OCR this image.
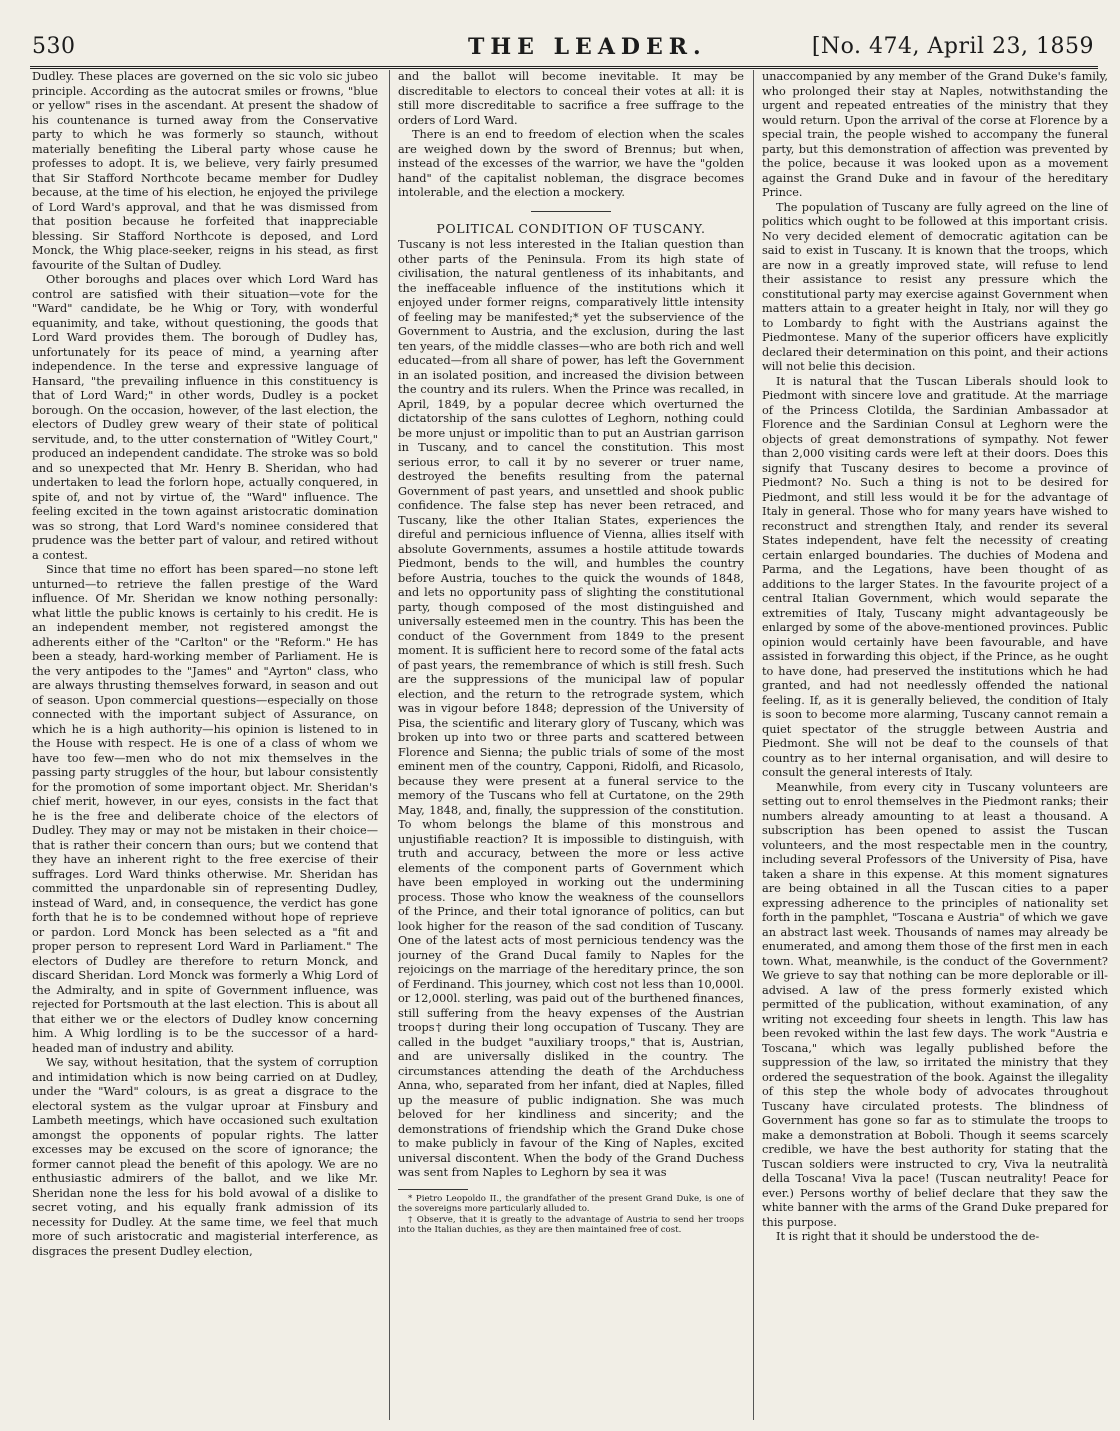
530	THE LEADER.	[No. 474, April 23, 1859

Dudley. These places are governed on the sic volo sic jubeo principle. According as the autocrat smiles or frowns, "blue or yellow" rises in the ascendant. At present the shadow of his countenance is turned away from the Conservative party to which he was formerly so staunch, without materially benefiting the Liberal party whose cause he professes to adopt. It is, we believe, very fairly presumed that Sir Stafford Northcote became member for Dudley because, at the time of his election, he enjoyed the privilege of Lord Ward's approval, and that he was dismissed from that position because he forfeited that inappreciable blessing. Sir Stafford Northcote is deposed, and Lord Monck, the Whig place-seeker, reigns in his stead, as first favourite of the Sultan of Dudley.

Other boroughs and places over which Lord Ward has control are satisfied with their situation—vote for the "Ward" candidate, be he Whig or Tory, with wonderful equanimity, and take, without questioning, the goods that Lord Ward provides them. The borough of Dudley has, unfortunately for its peace of mind, a yearning after independence. In the terse and expressive language of Hansard, "the prevailing influence in this constituency is that of Lord Ward;" in other words, Dudley is a pocket borough. On the occasion, however, of the last election, the electors of Dudley grew weary of their state of political servitude, and, to the utter consternation of "Witley Court," produced an independent candidate. The stroke was so bold and so unexpected that Mr. Henry B. Sheridan, who had undertaken to lead the forlorn hope, actually conquered, in spite of, and not by virtue of, the "Ward" influence. The feeling excited in the town against aristocratic domination was so strong, that Lord Ward's nominee considered that prudence was the better part of valour, and retired without a contest.

Since that time no effort has been spared—no stone left unturned—to retrieve the fallen prestige of the Ward influence. Of Mr. Sheridan we know nothing personally: what little the public knows is certainly to his credit. He is an independent member, not registered amongst the adherents either of the "Carlton" or the "Reform." He has been a steady, hard-working member of Parliament. He is the very antipodes to the "James" and "Ayrton" class, who are always thrusting themselves forward, in season and out of season. Upon commercial questions—especially on those connected with the important subject of Assurance, on which he is a high authority—his opinion is listened to in the House with respect. He is one of a class of whom we have too few—men who do not mix themselves in the passing party struggles of the hour, but labour consistently for the promotion of some important object. Mr. Sheridan's chief merit, however, in our eyes, consists in the fact that he is the free and deliberate choice of the electors of Dudley. They may or may not be mistaken in their choice—that is rather their concern than ours; but we contend that they have an inherent right to the free exercise of their suffrages. Lord Ward thinks otherwise. Mr. Sheridan has committed the unpardonable sin of representing Dudley, instead of Ward, and, in consequence, the verdict has gone forth that he is to be condemned without hope of reprieve or pardon. Lord Monck has been selected as a "fit and proper person to represent Lord Ward in Parliament." The electors of Dudley are therefore to return Monck, and discard Sheridan. Lord Monck was formerly a Whig Lord of the Admiralty, and in spite of Government influence, was rejected for Portsmouth at the last election. This is about all that either we or the electors of Dudley know concerning him. A Whig lordling is to be the successor of a hard-headed man of industry and ability.

We say, without hesitation, that the system of corruption and intimidation which is now being carried on at Dudley, under the "Ward" colours, is as great a disgrace to the electoral system as the vulgar uproar at Finsbury and Lambeth meetings, which have occasioned such exultation amongst the opponents of popular rights. The latter excesses may be excused on the score of ignorance; the former cannot plead the benefit of this apology. We are no enthusiastic admirers of the ballot, and we like Mr. Sheridan none the less for his bold avowal of a dislike to secret voting, and his equally frank admission of its necessity for Dudley. At the same time, we feel that much more of such aristocratic and magisterial interference, as disgraces the present Dudley election,

and the ballot will become inevitable. It may be discreditable to electors to conceal their votes at all: it is still more discreditable to sacrifice a free suffrage to the orders of Lord Ward.

There is an end to freedom of election when the scales are weighed down by the sword of Brennus; but when, instead of the excesses of the warrior, we have the "golden hand" of the capitalist nobleman, the disgrace becomes intolerable, and the election a mockery.

POLITICAL CONDITION OF TUSCANY.

Tuscany is not less interested in the Italian question than other parts of the Peninsula. From its high state of civilisation, the natural gentleness of its inhabitants, and the ineffaceable influence of the institutions which it enjoyed under former reigns, comparatively little intensity of feeling may be manifested;* yet the subservience of the Government to Austria, and the exclusion, during the last ten years, of the middle classes—who are both rich and well educated—from all share of power, has left the Government in an isolated position, and increased the division between the country and its rulers. When the Prince was recalled, in April, 1849, by a popular decree which overturned the dictatorship of the sans culottes of Leghorn, nothing could be more unjust or impolitic than to put an Austrian garrison in Tuscany, and to cancel the constitution. This most serious error, to call it by no severer or truer name, destroyed the benefits resulting from the paternal Government of past years, and unsettled and shook public confidence. The false step has never been retraced, and Tuscany, like the other Italian States, experiences the direful and pernicious influence of Vienna, allies itself with absolute Governments, assumes a hostile attitude towards Piedmont, bends to the will, and humbles the country before Austria, touches to the quick the wounds of 1848, and lets no opportunity pass of slighting the constitutional party, though composed of the most distinguished and universally esteemed men in the country. This has been the conduct of the Government from 1849 to the present moment. It is sufficient here to record some of the fatal acts of past years, the remembrance of which is still fresh. Such are the suppressions of the municipal law of popular election, and the return to the retrograde system, which was in vigour before 1848; depression of the University of Pisa, the scientific and literary glory of Tuscany, which was broken up into two or three parts and scattered between Florence and Sienna; the public trials of some of the most eminent men of the country, Capponi, Ridolfi, and Ricasolo, because they were present at a funeral service to the memory of the Tuscans who fell at Curtatone, on the 29th May, 1848, and, finally, the suppression of the constitution. To whom belongs the blame of this monstrous and unjustifiable reaction? It is impossible to distinguish, with truth and accuracy, between the more or less active elements of the component parts of Government which have been employed in working out the undermining process. Those who know the weakness of the counsellors of the Prince, and their total ignorance of politics, can but look higher for the reason of the sad condition of Tuscany. One of the latest acts of most pernicious tendency was the journey of the Grand Ducal family to Naples for the rejoicings on the marriage of the hereditary prince, the son of Ferdinand. This journey, which cost not less than 10,000l. or 12,000l. sterling, was paid out of the burthened finances, still suffering from the heavy expenses of the Austrian troops† during their long occupation of Tuscany. They are called in the budget "auxiliary troops," that is, Austrian, and are universally disliked in the country. The circumstances attending the death of the Archduchess Anna, who, separated from her infant, died at Naples, filled up the measure of public indignation. She was much beloved for her kindliness and sincerity; and the demonstrations of friendship which the Grand Duke chose to make publicly in favour of the King of Naples, excited universal discontent. When the body of the Grand Duchess was sent from Naples to Leghorn by sea it was

* Pietro Leopoldo II., the grandfather of the present Grand Duke, is one of the sovereigns more particularly alluded to.

† Observe, that it is greatly to the advantage of Austria to send her troops into the Italian duchies, as they are then maintained free of cost.

unaccompanied by any member of the Grand Duke's family, who prolonged their stay at Naples, notwithstanding the urgent and repeated entreaties of the ministry that they would return. Upon the arrival of the corse at Florence by a special train, the people wished to accompany the funeral party, but this demonstration of affection was prevented by the police, because it was looked upon as a movement against the Grand Duke and in favour of the hereditary Prince.

The population of Tuscany are fully agreed on the line of politics which ought to be followed at this important crisis. No very decided element of democratic agitation can be said to exist in Tuscany. It is known that the troops, which are now in a greatly improved state, will refuse to lend their assistance to resist any pressure which the constitutional party may exercise against Government when matters attain to a greater height in Italy, nor will they go to Lombardy to fight with the Austrians against the Piedmontese. Many of the superior officers have explicitly declared their determination on this point, and their actions will not belie this decision.

It is natural that the Tuscan Liberals should look to Piedmont with sincere love and gratitude. At the marriage of the Princess Clotilda, the Sardinian Ambassador at Florence and the Sardinian Consul at Leghorn were the objects of great demonstrations of sympathy. Not fewer than 2,000 visiting cards were left at their doors. Does this signify that Tuscany desires to become a province of Piedmont? No. Such a thing is not to be desired for Piedmont, and still less would it be for the advantage of Italy in general. Those who for many years have wished to reconstruct and strengthen Italy, and render its several States independent, have felt the necessity of creating certain enlarged boundaries. The duchies of Modena and Parma, and the Legations, have been thought of as additions to the larger States. In the favourite project of a central Italian Government, which would separate the extremities of Italy, Tuscany might advantageously be enlarged by some of the above-mentioned provinces. Public opinion would certainly have been favourable, and have assisted in forwarding this object, if the Prince, as he ought to have done, had preserved the institutions which he had granted, and had not needlessly offended the national feeling. If, as it is generally believed, the condition of Italy is soon to become more alarming, Tuscany cannot remain a quiet spectator of the struggle between Austria and Piedmont. She will not be deaf to the counsels of that country as to her internal organisation, and will desire to consult the general interests of Italy.

Meanwhile, from every city in Tuscany volunteers are setting out to enrol themselves in the Piedmont ranks; their numbers already amounting to at least a thousand. A subscription has been opened to assist the Tuscan volunteers, and the most respectable men in the country, including several Professors of the University of Pisa, have taken a share in this expense. At this moment signatures are being obtained in all the Tuscan cities to a paper expressing adherence to the principles of nationality set forth in the pamphlet, "Toscana e Austria" of which we gave an abstract last week. Thousands of names may already be enumerated, and among them those of the first men in each town. What, meanwhile, is the conduct of the Government? We grieve to say that nothing can be more deplorable or ill-advised. A law of the press formerly existed which permitted of the publication, without examination, of any writing not exceeding four sheets in length. This law has been revoked within the last few days. The work "Austria e Toscana," which was legally published before the suppression of the law, so irritated the ministry that they ordered the sequestration of the book. Against the illegality of this step the whole body of advocates throughout Tuscany have circulated protests. The blindness of Government has gone so far as to stimulate the troops to make a demonstration at Boboli. Though it seems scarcely credible, we have the best authority for stating that the Tuscan soldiers were instructed to cry, Viva la neutralità della Toscana! Viva la pace! (Tuscan neutrality! Peace for ever.) Persons worthy of belief declare that they saw the white banner with the arms of the Grand Duke prepared for this purpose.

It is right that it should be understood the de-
